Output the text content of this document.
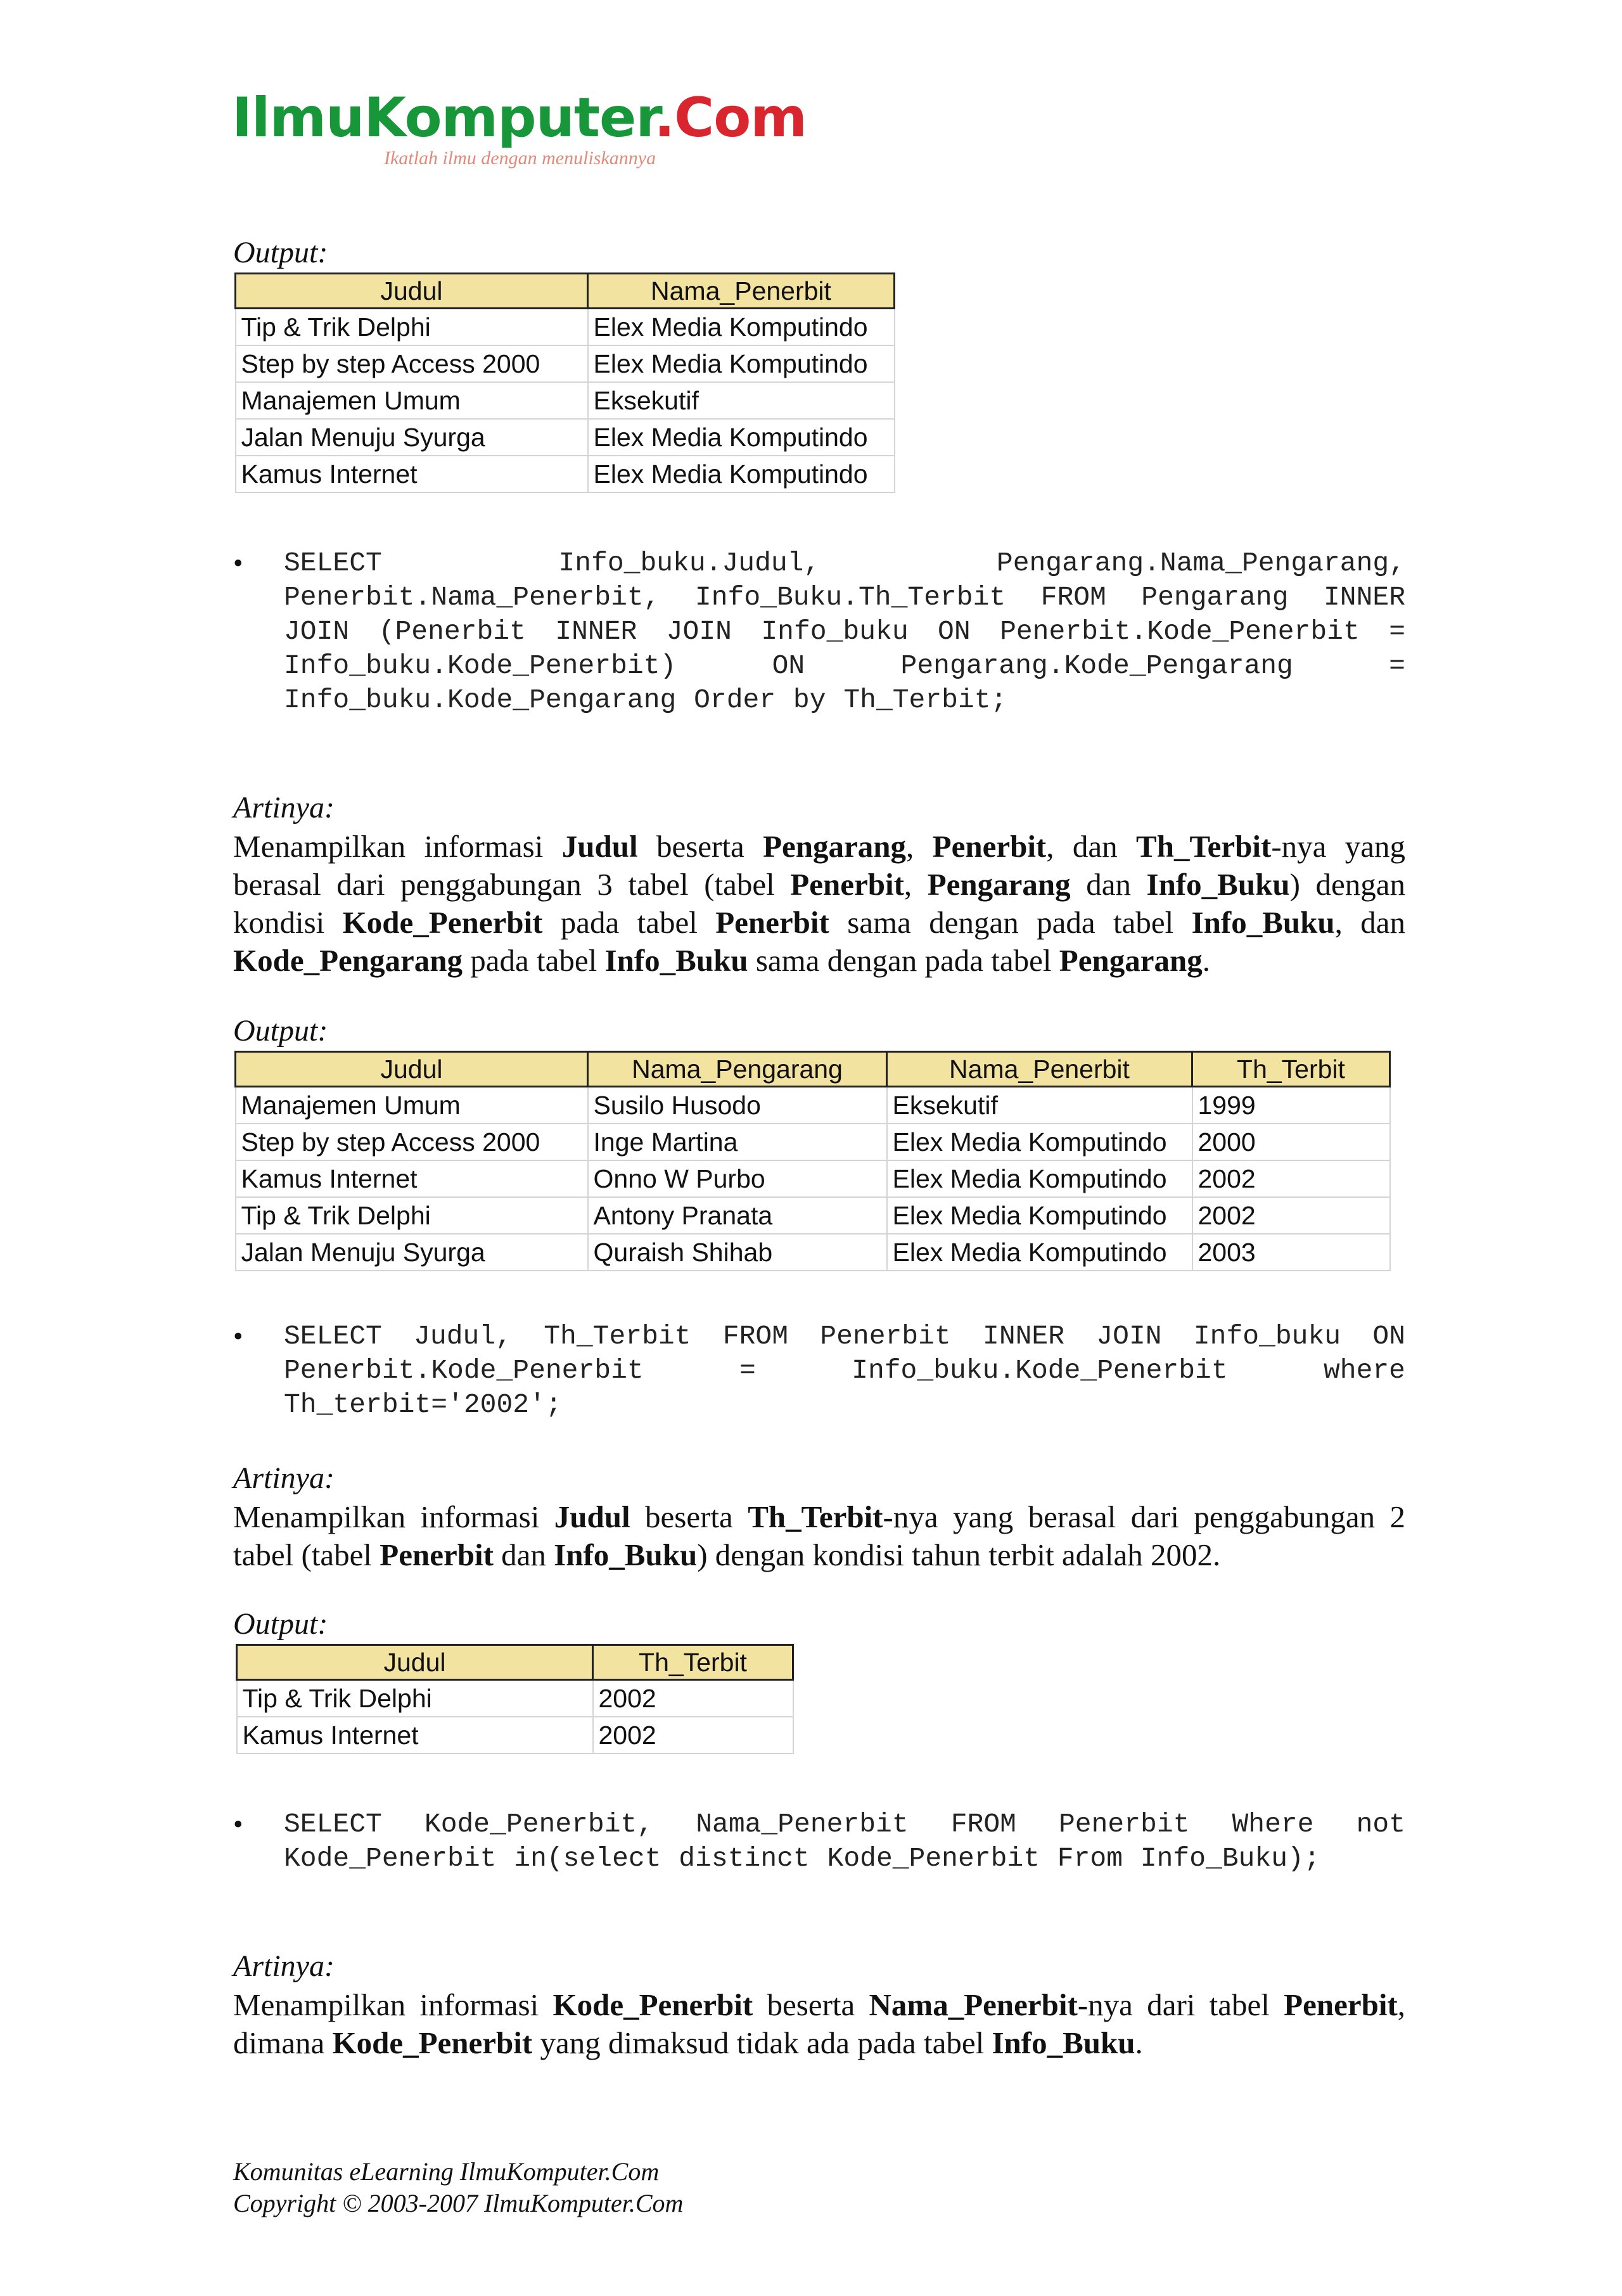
IlmuKomputer.Com
Ikatlah ilmu dengan menuliskannya
Output:
Judul	Nama_Penerbit
Tip & Trik Delphi	Elex Media Komputindo
Step by step Access 2000	Elex Media Komputindo
Manajemen Umum	Eksekutif
Jalan Menuju Syurga	Elex Media Komputindo
Kamus Internet	Elex Media Komputindo
• SELECT Info_buku.Judul, Pengarang.Nama_Pengarang, Penerbit.Nama_Penerbit, Info_Buku.Th_Terbit FROM Pengarang INNER JOIN (Penerbit INNER JOIN Info_buku ON Penerbit.Kode_Penerbit = Info_buku.Kode_Penerbit) ON Pengarang.Kode_Pengarang = Info_buku.Kode_Pengarang Order by Th_Terbit;
Artinya:
Menampilkan informasi Judul beserta Pengarang, Penerbit, dan Th_Terbit-nya yang berasal dari penggabungan 3 tabel (tabel Penerbit, Pengarang dan Info_Buku) dengan kondisi Kode_Penerbit pada tabel Penerbit sama dengan pada tabel Info_Buku, dan Kode_Pengarang pada tabel Info_Buku sama dengan pada tabel Pengarang.
Output:
Judul	Nama_Pengarang	Nama_Penerbit	Th_Terbit
Manajemen Umum	Susilo Husodo	Eksekutif	1999
Step by step Access 2000	Inge Martina	Elex Media Komputindo	2000
Kamus Internet	Onno W Purbo	Elex Media Komputindo	2002
Tip & Trik Delphi	Antony Pranata	Elex Media Komputindo	2002
Jalan Menuju Syurga	Quraish Shihab	Elex Media Komputindo	2003
• SELECT Judul, Th_Terbit FROM Penerbit INNER JOIN Info_buku ON Penerbit.Kode_Penerbit = Info_buku.Kode_Penerbit where Th_terbit='2002';
Artinya:
Menampilkan informasi Judul beserta Th_Terbit-nya yang berasal dari penggabungan 2 tabel (tabel Penerbit dan Info_Buku) dengan kondisi tahun terbit adalah 2002.
Output:
Judul	Th_Terbit
Tip & Trik Delphi	2002
Kamus Internet	2002
• SELECT Kode_Penerbit, Nama_Penerbit FROM Penerbit Where not Kode_Penerbit in(select distinct Kode_Penerbit From Info_Buku);
Artinya:
Menampilkan informasi Kode_Penerbit beserta Nama_Penerbit-nya dari tabel Penerbit, dimana Kode_Penerbit yang dimaksud tidak ada pada tabel Info_Buku.
Komunitas eLearning IlmuKomputer.Com
Copyright © 2003-2007 IlmuKomputer.Com
